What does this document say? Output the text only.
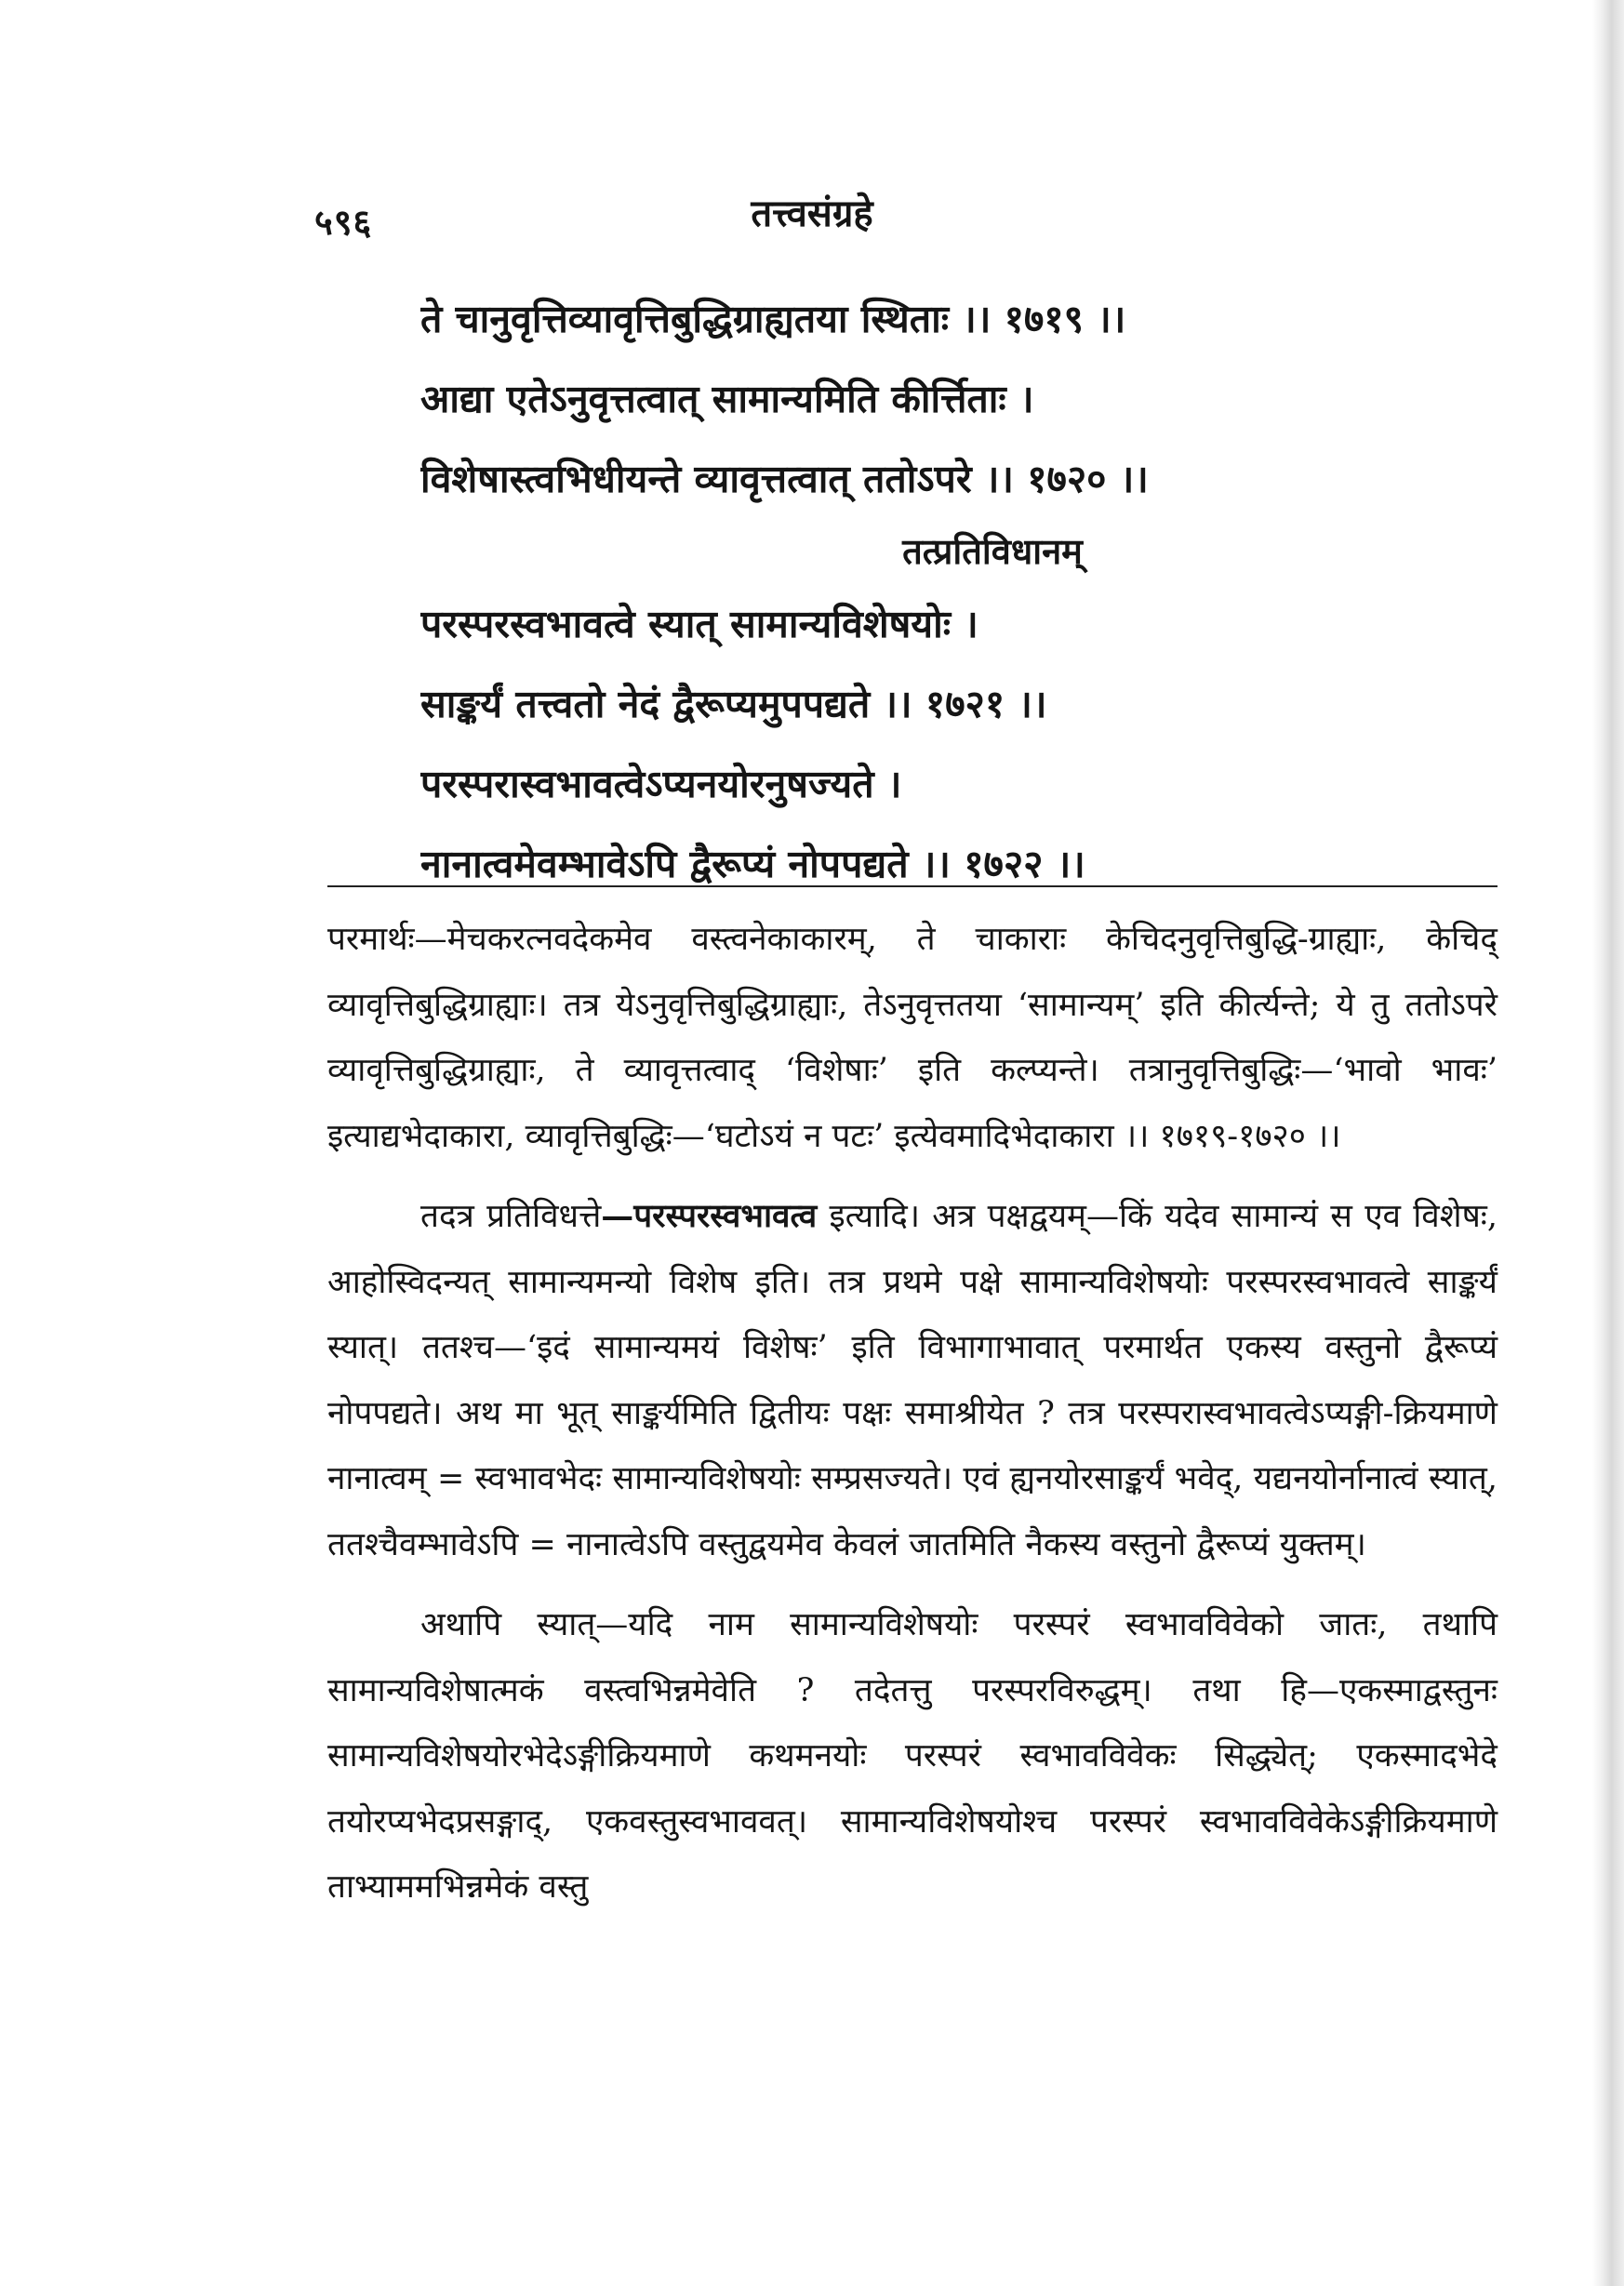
५९६	तत्त्वसंग्रहे
ते चानुवृत्तिव्यावृत्तिबुद्धिग्राह्यतया स्थिताः ।। १७१९ ।।
आद्या एतेऽनुवृत्तत्वात् सामान्यमिति कीर्त्तिताः ।
विशेषास्त्वभिधीयन्ते व्यावृत्तत्वात् ततोऽपरे ।। १७२० ।।
तत्प्रतिविधानम्
परस्परस्वभावत्वे स्यात् सामान्यविशेषयोः ।
साङ्कर्यं तत्त्वतो नेदं द्वैरूप्यमुपपद्यते ।। १७२१ ।।
परस्परास्वभावत्वेऽप्यनयोरनुषज्यते ।
नानात्वमेवम्भावेऽपि द्वैरूप्यं नोपपद्यते ।। १७२२ ।।

परमार्थः—मेचकरत्नवदेकमेव वस्त्वनेकाकारम्, ते चाकाराः केचिदनुवृत्तिबुद्धि-ग्राह्याः, केचिद् व्यावृत्तिबुद्धिग्राह्याः। तत्र येऽनुवृत्तिबुद्धिग्राह्याः, तेऽनुवृत्ततया ‘सामान्यम्’ इति कीर्त्यन्ते; ये तु ततोऽपरे व्यावृत्तिबुद्धिग्राह्याः, ते व्यावृत्तत्वाद् ‘विशेषाः’ इति कल्प्यन्ते। तत्रानुवृत्तिबुद्धिः—‘भावो भावः’ इत्याद्यभेदाकारा, व्यावृत्तिबुद्धिः—‘घटोऽयं न पटः’ इत्येवमादिभेदाकारा ।। १७१९-१७२० ।।

तदत्र प्रतिविधत्ते—परस्परस्वभावत्व इत्यादि। अत्र पक्षद्वयम्—किं यदेव सामान्यं स एव विशेषः, आहोस्विदन्यत् सामान्यमन्यो विशेष इति। तत्र प्रथमे पक्षे सामान्यविशेषयोः परस्परस्वभावत्वे साङ्कर्यं स्यात्। ततश्च—‘इदं सामान्यमयं विशेषः’ इति विभागाभावात् परमार्थत एकस्य वस्तुनो द्वैरूप्यं नोपपद्यते। अथ मा भूत् साङ्कर्यमिति द्वितीयः पक्षः समाश्रीयेत ? तत्र परस्परास्वभावत्वेऽप्यङ्गी-क्रियमाणे नानात्वम् = स्वभावभेदः सामान्यविशेषयोः सम्प्रसज्यते। एवं ह्यनयोरसाङ्कर्यं भवेद्, यद्यनयोर्नानात्वं स्यात्, ततश्चैवम्भावेऽपि = नानात्वेऽपि वस्तुद्वयमेव केवलं जातमिति नैकस्य वस्तुनो द्वैरूप्यं युक्तम्।

अथापि स्यात्—यदि नाम सामान्यविशेषयोः परस्परं स्वभावविवेको जातः, तथापि सामान्यविशेषात्मकं वस्त्वभिन्नमेवेति ? तदेतत्तु परस्परविरुद्धम्। तथा हि—एकस्माद्वस्तुनः सामान्यविशेषयोरभेदेऽङ्गीक्रियमाणे कथमनयोः परस्परं स्वभावविवेकः सिद्ध्येत्; एकस्मादभेदे तयोरप्यभेदप्रसङ्गाद्, एकवस्तुस्वभाववत्। सामान्यविशेषयोश्च परस्परं स्वभावविवेकेऽङ्गीक्रियमाणे ताभ्याममभिन्नमेकं वस्तु
